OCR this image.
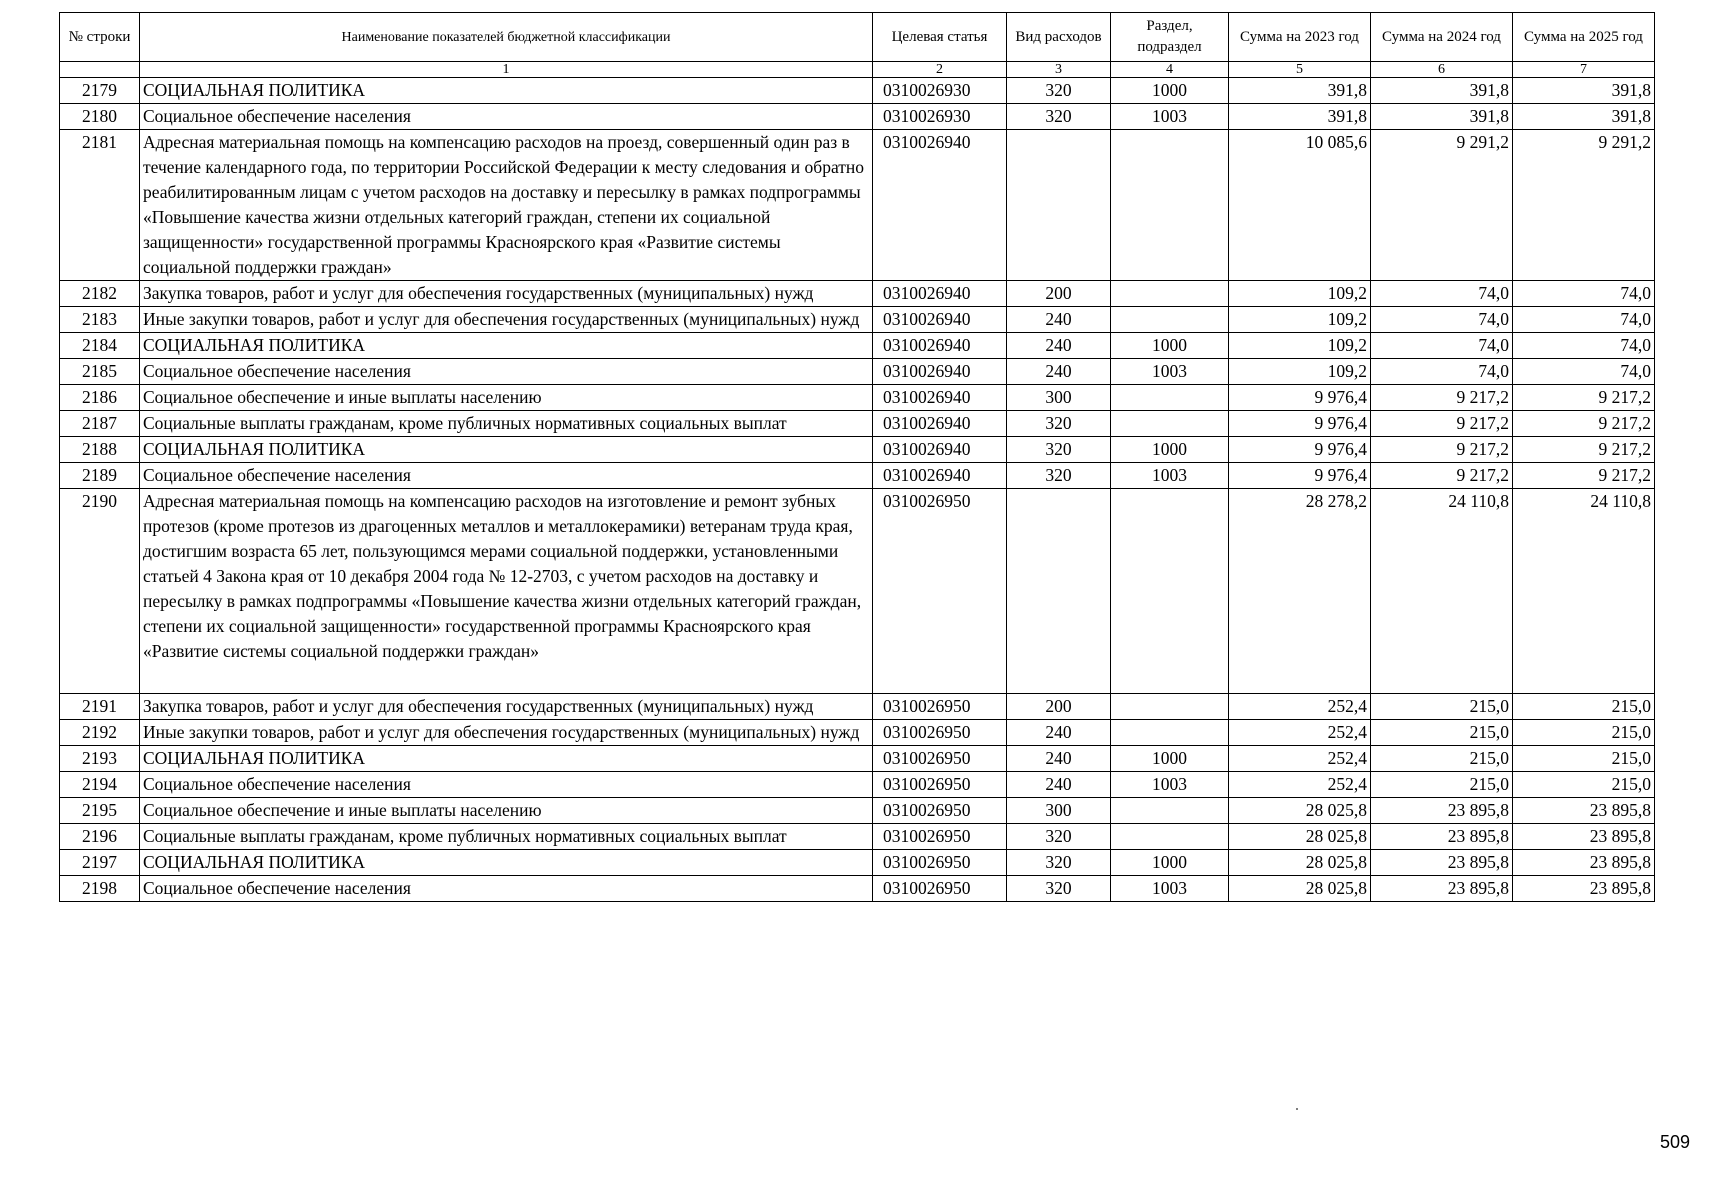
№ строки	Наименование показателей бюджетной классификации	Целевая статья	Вид расходов	Раздел, подраздел	Сумма на 2023 год	Сумма на 2024 год	Сумма на 2025 год
	1	2	3	4	5	6	7
2179	СОЦИАЛЬНАЯ ПОЛИТИКА	0310026930	320	1000	391,8	391,8	391,8
2180	Социальное обеспечение населения	0310026930	320	1003	391,8	391,8	391,8
2181	Адресная материальная помощь на компенсацию расходов на проезд, совершенный один раз в течение календарного года, по территории Российской Федерации к месту следования и обратно реабилитированным лицам с учетом расходов на доставку и пересылку в рамках подпрограммы «Повышение качества жизни отдельных категорий граждан, степени их социальной защищенности» государственной программы Красноярского края «Развитие системы социальной поддержки граждан»	0310026940			10 085,6	9 291,2	9 291,2
2182	Закупка товаров, работ и услуг для обеспечения государственных (муниципальных) нужд	0310026940	200		109,2	74,0	74,0
2183	Иные закупки товаров, работ и услуг для обеспечения государственных (муниципальных) нужд	0310026940	240		109,2	74,0	74,0
2184	СОЦИАЛЬНАЯ ПОЛИТИКА	0310026940	240	1000	109,2	74,0	74,0
2185	Социальное обеспечение населения	0310026940	240	1003	109,2	74,0	74,0
2186	Социальное обеспечение и иные выплаты населению	0310026940	300		9 976,4	9 217,2	9 217,2
2187	Социальные выплаты гражданам, кроме публичных нормативных социальных выплат	0310026940	320		9 976,4	9 217,2	9 217,2
2188	СОЦИАЛЬНАЯ ПОЛИТИКА	0310026940	320	1000	9 976,4	9 217,2	9 217,2
2189	Социальное обеспечение населения	0310026940	320	1003	9 976,4	9 217,2	9 217,2
2190	Адресная материальная помощь на компенсацию расходов на изготовление и ремонт зубных протезов (кроме протезов из драгоценных металлов и металлокерамики) ветеранам труда края, достигшим возраста 65 лет, пользующимся мерами социальной поддержки, установленными статьей 4 Закона края от 10 декабря 2004 года № 12-2703, с учетом расходов на доставку и пересылку в рамках подпрограммы «Повышение качества жизни отдельных категорий граждан, степени их социальной защищенности» государственной программы Красноярского края «Развитие системы социальной поддержки граждан»	0310026950			28 278,2	24 110,8	24 110,8
2191	Закупка товаров, работ и услуг для обеспечения государственных (муниципальных) нужд	0310026950	200		252,4	215,0	215,0
2192	Иные закупки товаров, работ и услуг для обеспечения государственных (муниципальных) нужд	0310026950	240		252,4	215,0	215,0
2193	СОЦИАЛЬНАЯ ПОЛИТИКА	0310026950	240	1000	252,4	215,0	215,0
2194	Социальное обеспечение населения	0310026950	240	1003	252,4	215,0	215,0
2195	Социальное обеспечение и иные выплаты населению	0310026950	300		28 025,8	23 895,8	23 895,8
2196	Социальные выплаты гражданам, кроме публичных нормативных социальных выплат	0310026950	320		28 025,8	23 895,8	23 895,8
2197	СОЦИАЛЬНАЯ ПОЛИТИКА	0310026950	320	1000	28 025,8	23 895,8	23 895,8
2198	Социальное обеспечение населения	0310026950	320	1003	28 025,8	23 895,8	23 895,8
509
